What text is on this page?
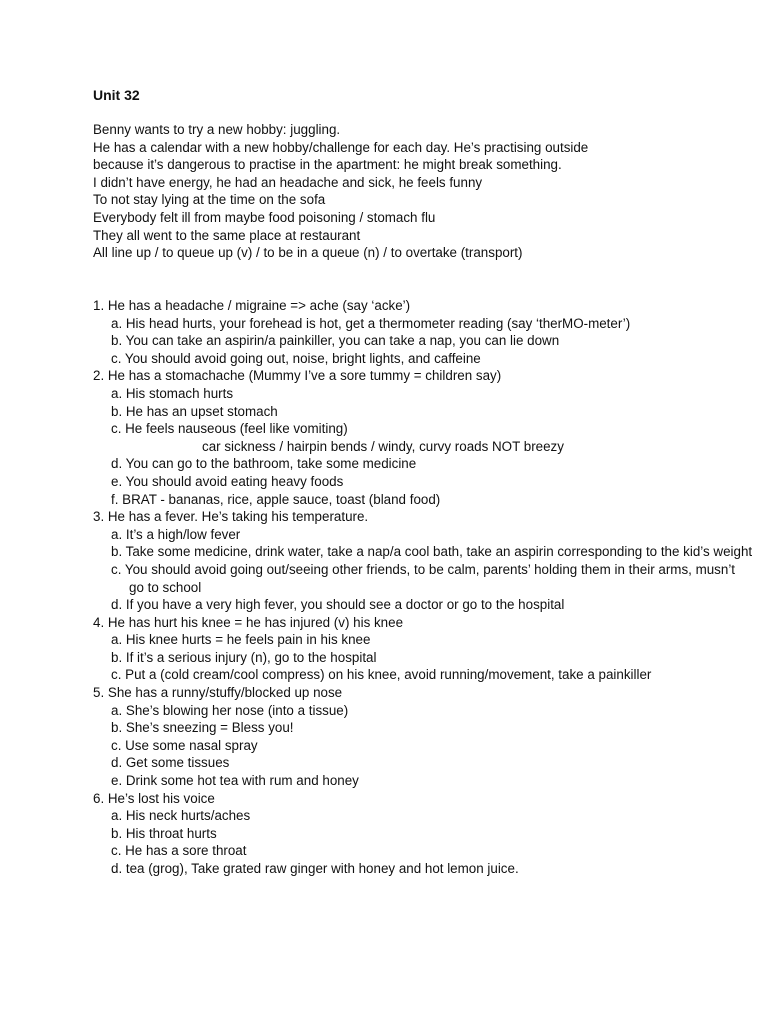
Unit 32

Benny wants to try a new hobby: juggling.

He has a calendar with a new hobby/challenge for each day. He’s practising outside

because it’s dangerous to practise in the apartment: he might break something.

I didn’t have energy, he had an headache and sick, he feels funny

To not stay lying at the time on the sofa

Everybody felt ill from maybe food poisoning / stomach flu

They all went to the same place at restaurant

All line up / to queue up (v) / to be in a queue (n) / to overtake (transport)

1. He has a headache / migraine => ache (say ‘acke’)
a. His head hurts, your forehead is hot, get a thermometer reading (say ‘therMO-meter’)
b. You can take an aspirin/a painkiller, you can take a nap, you can lie down
c. You should avoid going out, noise, bright lights, and caffeine
2. He has a stomachache (Mummy I’ve a sore tummy = children say)
a. His stomach hurts
b. He has an upset stomach
c. He feels nauseous (feel like vomiting)
car sickness / hairpin bends / windy, curvy roads NOT breezy
d. You can go to the bathroom, take some medicine
e. You should avoid eating heavy foods
f. BRAT - bananas, rice, apple sauce, toast (bland food)
3. He has a fever. He’s taking his temperature.
a. It’s a high/low fever
b. Take some medicine, drink water, take a nap/a cool bath, take an aspirin corresponding to the kid’s weight
c. You should avoid going out/seeing other friends, to be calm, parents’ holding them in their arms, musn’t go to school
d. If you have a very high fever, you should see a doctor or go to the hospital
4. He has hurt his knee = he has injured (v) his knee
a. His knee hurts = he feels pain in his knee
b. If it’s a serious injury (n), go to the hospital
c. Put a (cold cream/cool compress) on his knee, avoid running/movement, take a painkiller
5. She has a runny/stuffy/blocked up nose
a. She’s blowing her nose (into a tissue)
b. She’s sneezing = Bless you!
c. Use some nasal spray
d. Get some tissues
e. Drink some hot tea with rum and honey
6. He’s lost his voice
a. His neck hurts/aches
b. His throat hurts
c. He has a sore throat
d. tea (grog), Take grated raw ginger with honey and hot lemon juice.
